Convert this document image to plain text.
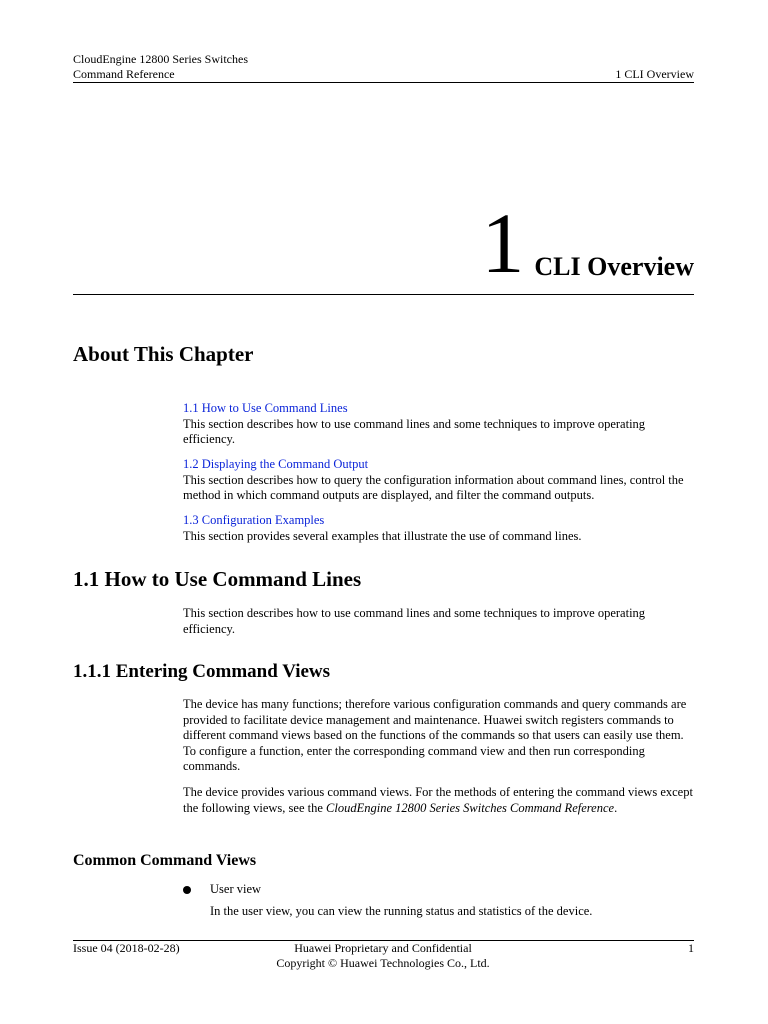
CloudEngine 12800 Series Switches
Command Reference	1 CLI Overview
1 CLI Overview
About This Chapter
1.1 How to Use Command Lines
This section describes how to use command lines and some techniques to improve operating efficiency.
1.2 Displaying the Command Output
This section describes how to query the configuration information about command lines, control the method in which command outputs are displayed, and filter the command outputs.
1.3 Configuration Examples
This section provides several examples that illustrate the use of command lines.
1.1 How to Use Command Lines
This section describes how to use command lines and some techniques to improve operating efficiency.
1.1.1 Entering Command Views
The device has many functions; therefore various configuration commands and query commands are provided to facilitate device management and maintenance. Huawei switch registers commands to different command views based on the functions of the commands so that users can easily use them. To configure a function, enter the corresponding command view and then run corresponding commands.
The device provides various command views. For the methods of entering the command views except the following views, see the CloudEngine 12800 Series Switches Command Reference.
Common Command Views
User view
In the user view, you can view the running status and statistics of the device.
Issue 04 (2018-02-28)	Huawei Proprietary and Confidential
Copyright © Huawei Technologies Co., Ltd.
1
